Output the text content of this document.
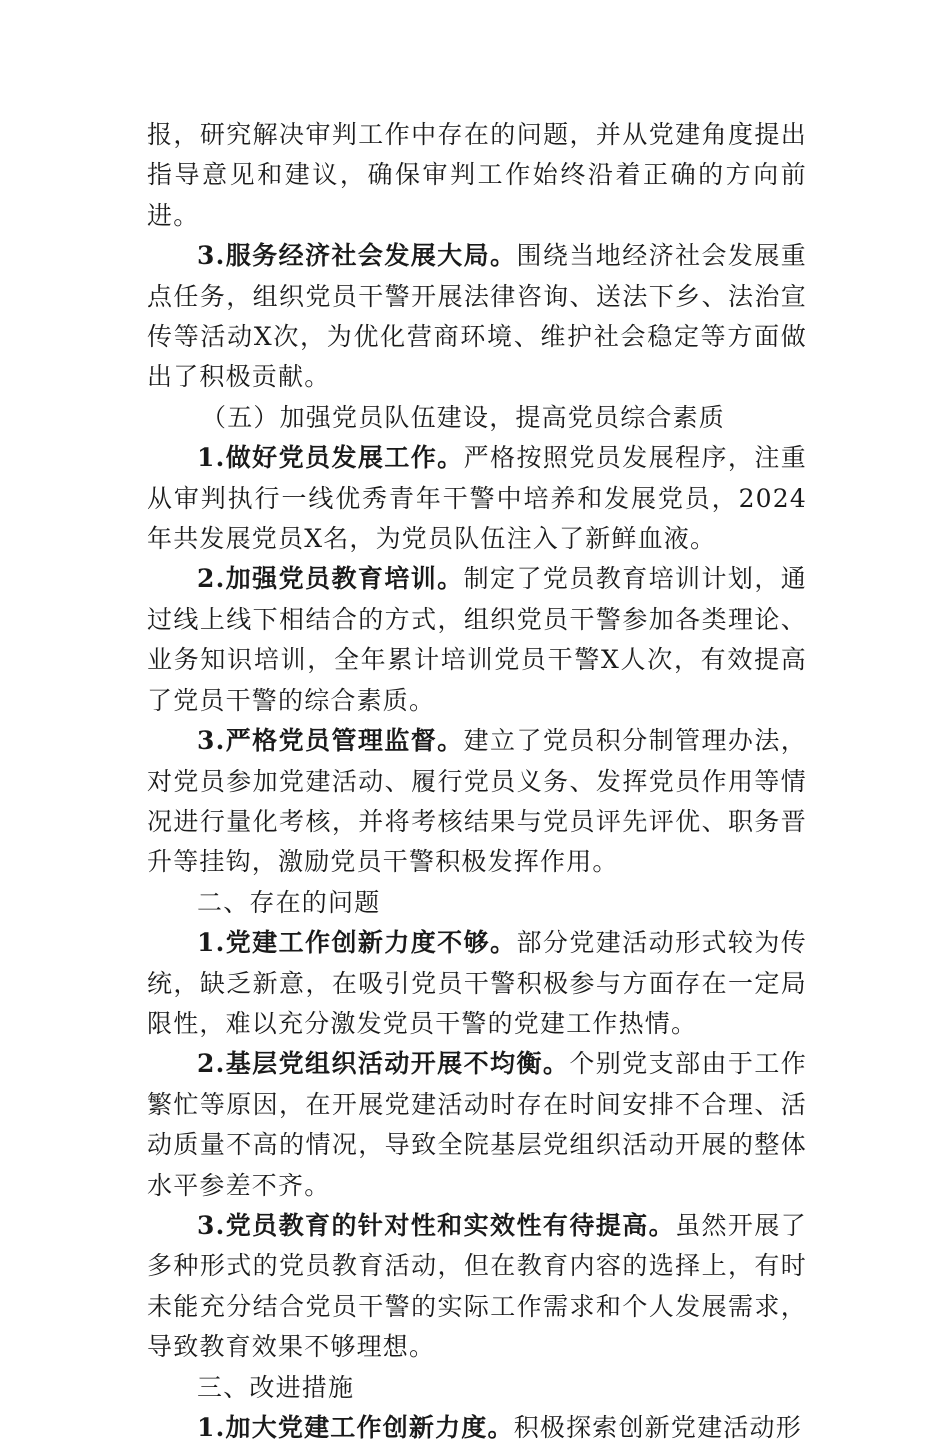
报，研究解决审判工作中存在的问题，并从党建角度提出指导意见和建议，确保审判工作始终沿着正确的方向前进。

3.服务经济社会发展大局。围绕当地经济社会发展重点任务，组织党员干警开展法律咨询、送法下乡、法治宣传等活动X次，为优化营商环境、维护社会稳定等方面做出了积极贡献。

（五）加强党员队伍建设，提高党员综合素质

1.做好党员发展工作。严格按照党员发展程序，注重从审判执行一线优秀青年干警中培养和发展党员，2024年共发展党员X名，为党员队伍注入了新鲜血液。

2.加强党员教育培训。制定了党员教育培训计划，通过线上线下相结合的方式，组织党员干警参加各类理论、业务知识培训，全年累计培训党员干警X人次，有效提高了党员干警的综合素质。

3.严格党员管理监督。建立了党员积分制管理办法，对党员参加党建活动、履行党员义务、发挥党员作用等情况进行量化考核，并将考核结果与党员评先评优、职务晋升等挂钩，激励党员干警积极发挥作用。

二、存在的问题

1.党建工作创新力度不够。部分党建活动形式较为传统，缺乏新意，在吸引党员干警积极参与方面存在一定局限性，难以充分激发党员干警的党建工作热情。

2.基层党组织活动开展不均衡。个别党支部由于工作繁忙等原因，在开展党建活动时存在时间安排不合理、活动质量不高的情况，导致全院基层党组织活动开展的整体水平参差不齐。

3.党员教育的针对性和实效性有待提高。虽然开展了多种形式的党员教育活动，但在教育内容的选择上，有时未能充分结合党员干警的实际工作需求和个人发展需求，导致教育效果不够理想。

三、改进措施

1.加大党建工作创新力度。积极探索创新党建活动形
